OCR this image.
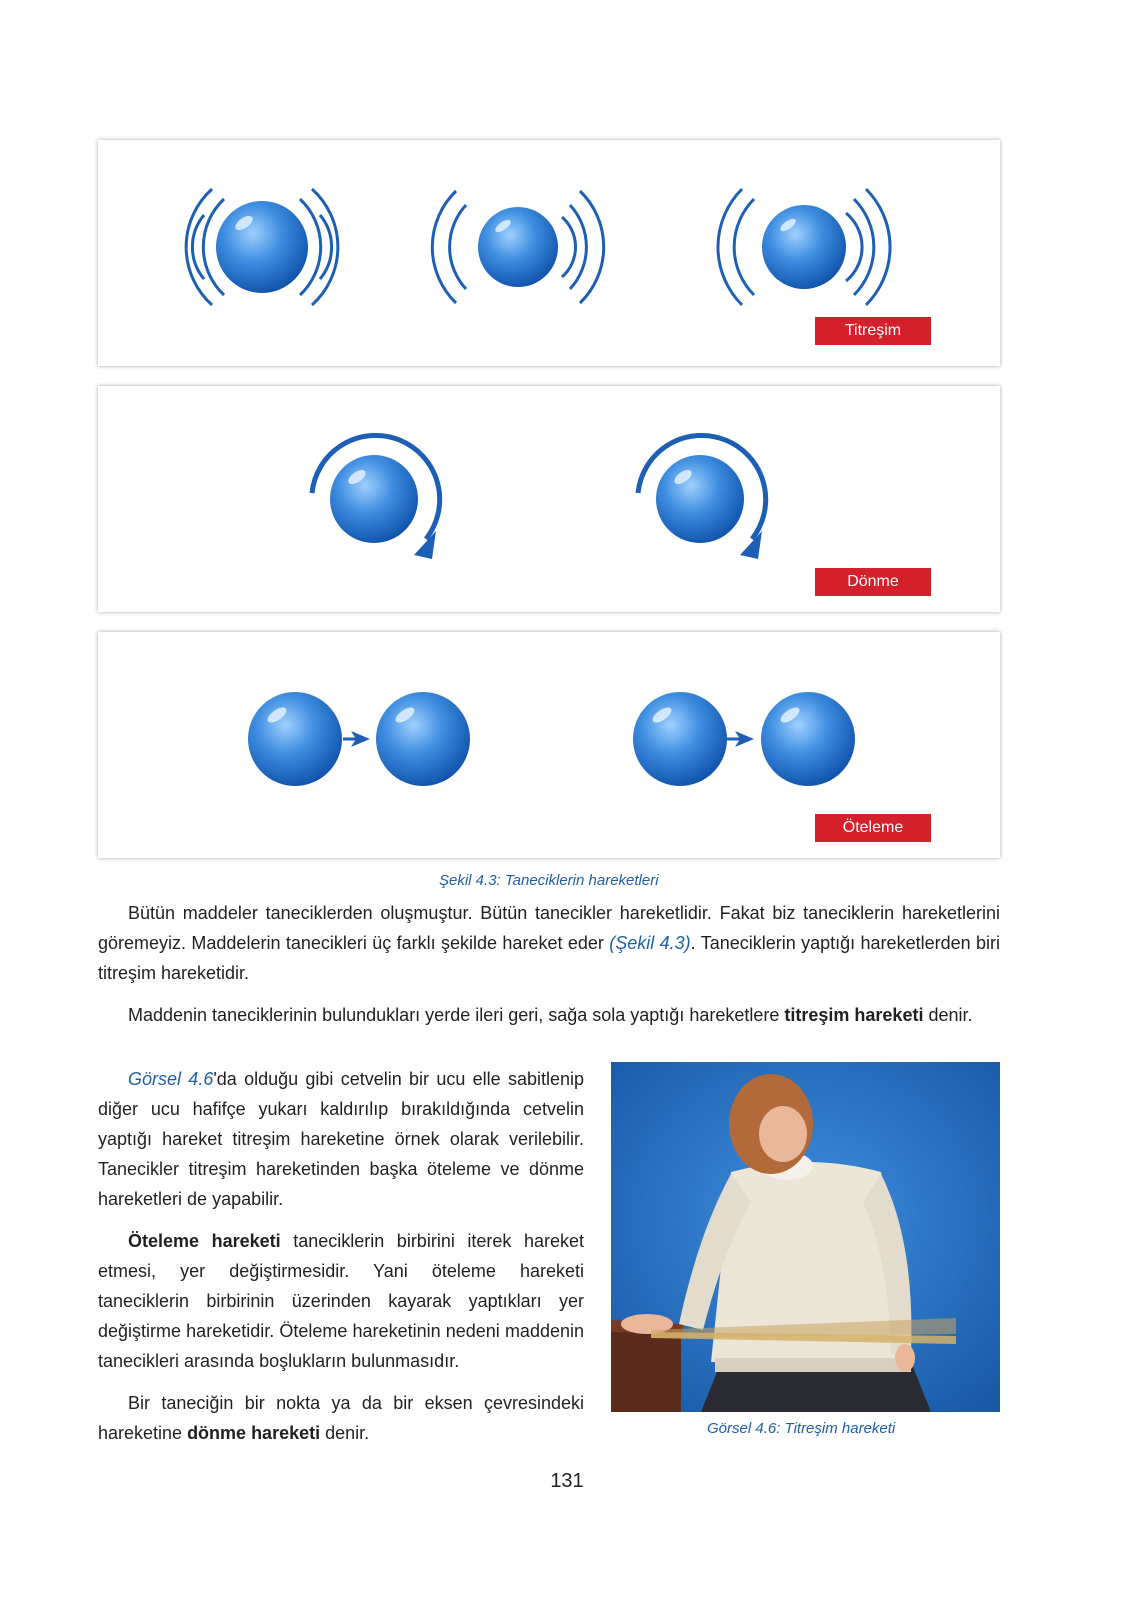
Titreşim
Dönme
Öteleme
Şekil 4.3: Taneciklerin hareketleri

Bütün maddeler taneciklerden oluşmuştur. Bütün tanecikler hareketlidir. Fakat biz taneciklerin hareketlerini göremeyiz. Maddelerin tanecikleri üç farklı şekilde hareket eder (Şekil 4.3). Taneciklerin yaptığı hareketlerden biri titreşim hareketidir.

Maddenin taneciklerinin bulundukları yerde ileri geri, sağa sola yaptığı hareketlere titreşim hareketi denir.

Görsel 4.6'da olduğu gibi cetvelin bir ucu elle sabitlenip diğer ucu hafifçe yukarı kaldırılıp bırakıldığında cetvelin yaptığı hareket titreşim hareketine örnek olarak verilebilir. Tanecikler titreşim hareketinden başka öteleme ve dönme hareketleri de yapabilir.

Öteleme hareketi taneciklerin birbirini iterek hareket etmesi, yer değiştirmesidir. Yani öteleme hareketi taneciklerin birbirinin üzerinden kayarak yaptıkları yer değiştirme hareketidir. Öteleme hareketinin nedeni maddenin tanecikleri arasında boşlukların bulunmasıdır.

Bir taneciğin bir nokta ya da bir eksen çevresindeki hareketine dönme hareketi denir.	Görsel 4.6: Titreşim hareketi
131
